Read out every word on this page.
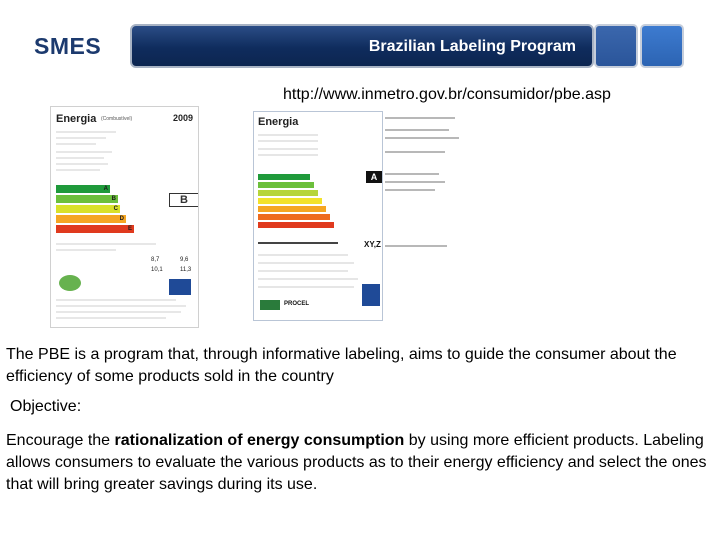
SMES	Brazilian Labeling Program
http://www.inmetro.gov.br/consumidor/pbe.asp
Energia (Combustível)	2009
A
B
C
D
E
B
8,7	9,6
10,1	11,3
Energia
A
XY,Z
PROCEL

The PBE is a program that, through informative labeling, aims to guide the consumer about the efficiency of some products sold in the country

Objective:

Encourage the rationalization of energy consumption by using more efficient products. Labeling allows consumers to evaluate the various products as to their energy efficiency and select the ones that will bring greater savings during its use.
